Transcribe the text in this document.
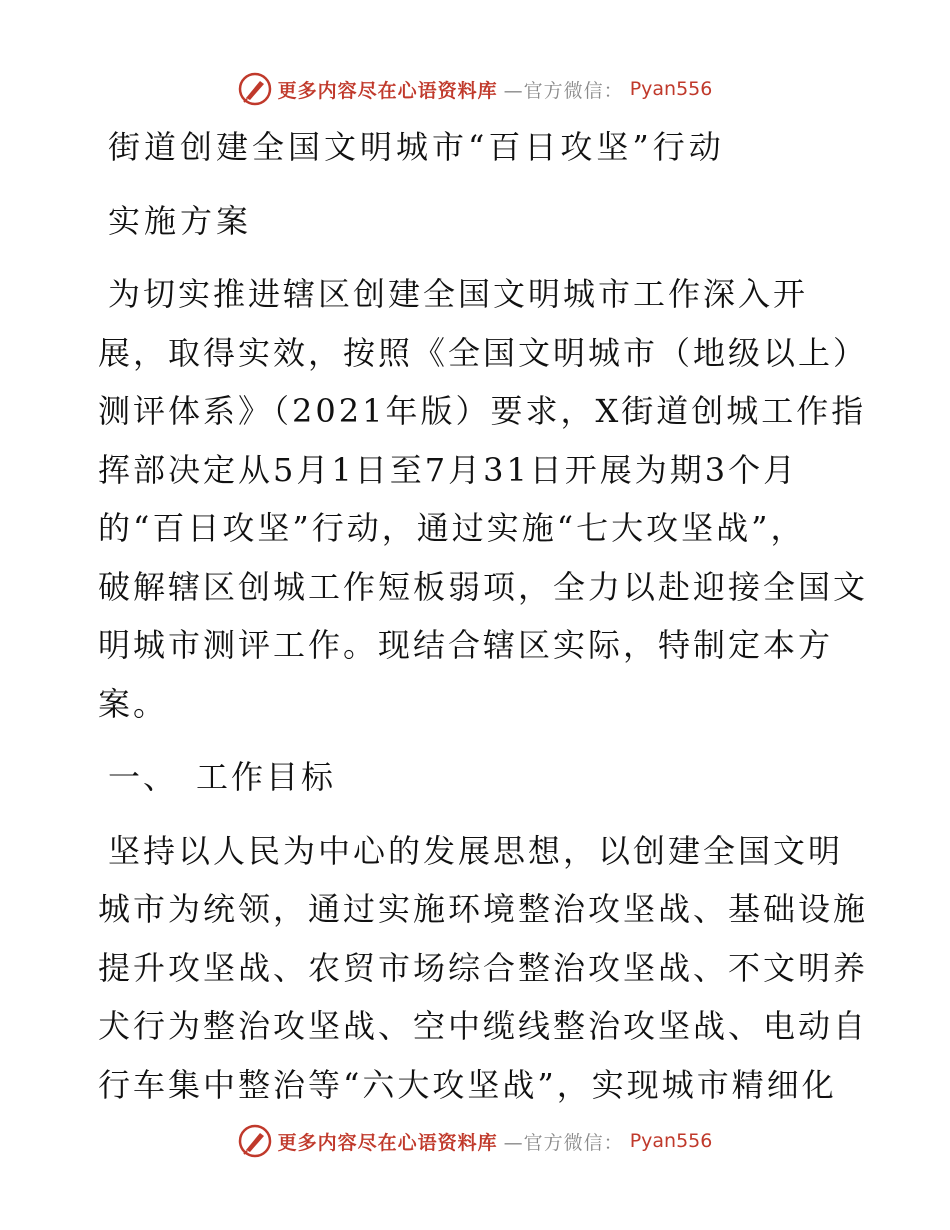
更多内容尽在心语资料库 —官方微信： Pyan556
街道创建全国文明城市“百日攻坚”行动
实施方案
为切实推进辖区创建全国文明城市工作深入开
展，取得实效，按照《全国文明城市（地级以上）
测评体系》（2021年版）要求，X街道创城工作指
挥部决定从5月1日至7月31日开展为期3个月
的“百日攻坚”行动，通过实施“七大攻坚战”，
破解辖区创城工作短板弱项，全力以赴迎接全国文
明城市测评工作。现结合辖区实际，特制定本方
案。
一、 工作目标
坚持以人民为中心的发展思想，以创建全国文明
城市为统领，通过实施环境整治攻坚战、基础设施
提升攻坚战、农贸市场综合整治攻坚战、不文明养
犬行为整治攻坚战、空中缆线整治攻坚战、电动自
行车集中整治等“六大攻坚战”，实现城市精细化
更多内容尽在心语资料库 —官方微信： Pyan556
